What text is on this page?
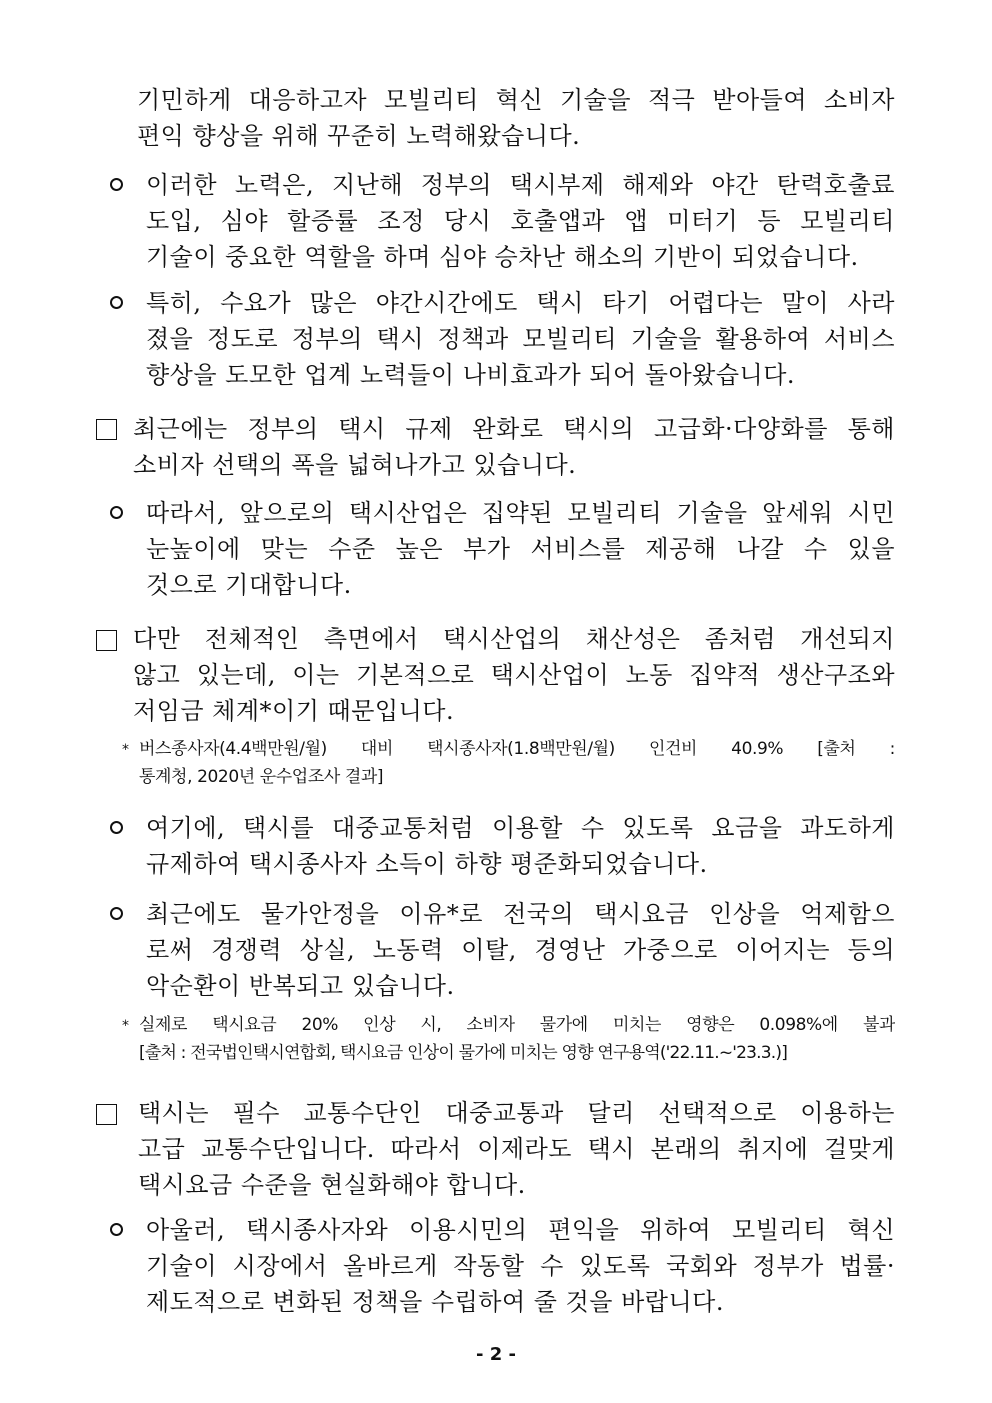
기민하게 대응하고자 모빌리티 혁신 기술을 적극 받아들여 소비자
편익 향상을 위해 꾸준히 노력해왔습니다.
이러한 노력은, 지난해 정부의 택시부제 해제와 야간 탄력호출료
도입, 심야 할증률 조정 당시 호출앱과 앱 미터기 등 모빌리티
기술이 중요한 역할을 하며 심야 승차난 해소의 기반이 되었습니다.
특히, 수요가 많은 야간시간에도 택시 타기 어렵다는 말이 사라
졌을 정도로 정부의 택시 정책과 모빌리티 기술을 활용하여 서비스
향상을 도모한 업계 노력들이 나비효과가 되어 돌아왔습니다.
최근에는 정부의 택시 규제 완화로 택시의 고급화·다양화를 통해
소비자 선택의 폭을 넓혀나가고 있습니다.
따라서, 앞으로의 택시산업은 집약된 모빌리티 기술을 앞세워 시민
눈높이에 맞는 수준 높은 부가 서비스를 제공해 나갈 수 있을
것으로 기대합니다.
다만 전체적인 측면에서 택시산업의 채산성은 좀처럼 개선되지
않고 있는데, 이는 기본적으로 택시산업이 노동 집약적 생산구조와
저임금 체계*이기 때문입니다.
* 버스종사자(4.4백만원/월) 대비 택시종사자(1.8백만원/월) 인건비 40.9% [출처 :
통계청, 2020년 운수업조사 결과]
여기에, 택시를 대중교통처럼 이용할 수 있도록 요금을 과도하게
규제하여 택시종사자 소득이 하향 평준화되었습니다.
최근에도 물가안정을 이유*로 전국의 택시요금 인상을 억제함으
로써 경쟁력 상실, 노동력 이탈, 경영난 가중으로 이어지는 등의
악순환이 반복되고 있습니다.
* 실제로 택시요금 20% 인상 시, 소비자 물가에 미치는 영향은 0.098%에 불과
[출처 : 전국법인택시연합회, 택시요금 인상이 물가에 미치는 영향 연구용역('22.11.~'23.3.)]
택시는 필수 교통수단인 대중교통과 달리 선택적으로 이용하는
고급 교통수단입니다. 따라서 이제라도 택시 본래의 취지에 걸맞게
택시요금 수준을 현실화해야 합니다.
아울러, 택시종사자와 이용시민의 편익을 위하여 모빌리티 혁신
기술이 시장에서 올바르게 작동할 수 있도록 국회와 정부가 법률·
제도적으로 변화된 정책을 수립하여 줄 것을 바랍니다.
- 2 -
